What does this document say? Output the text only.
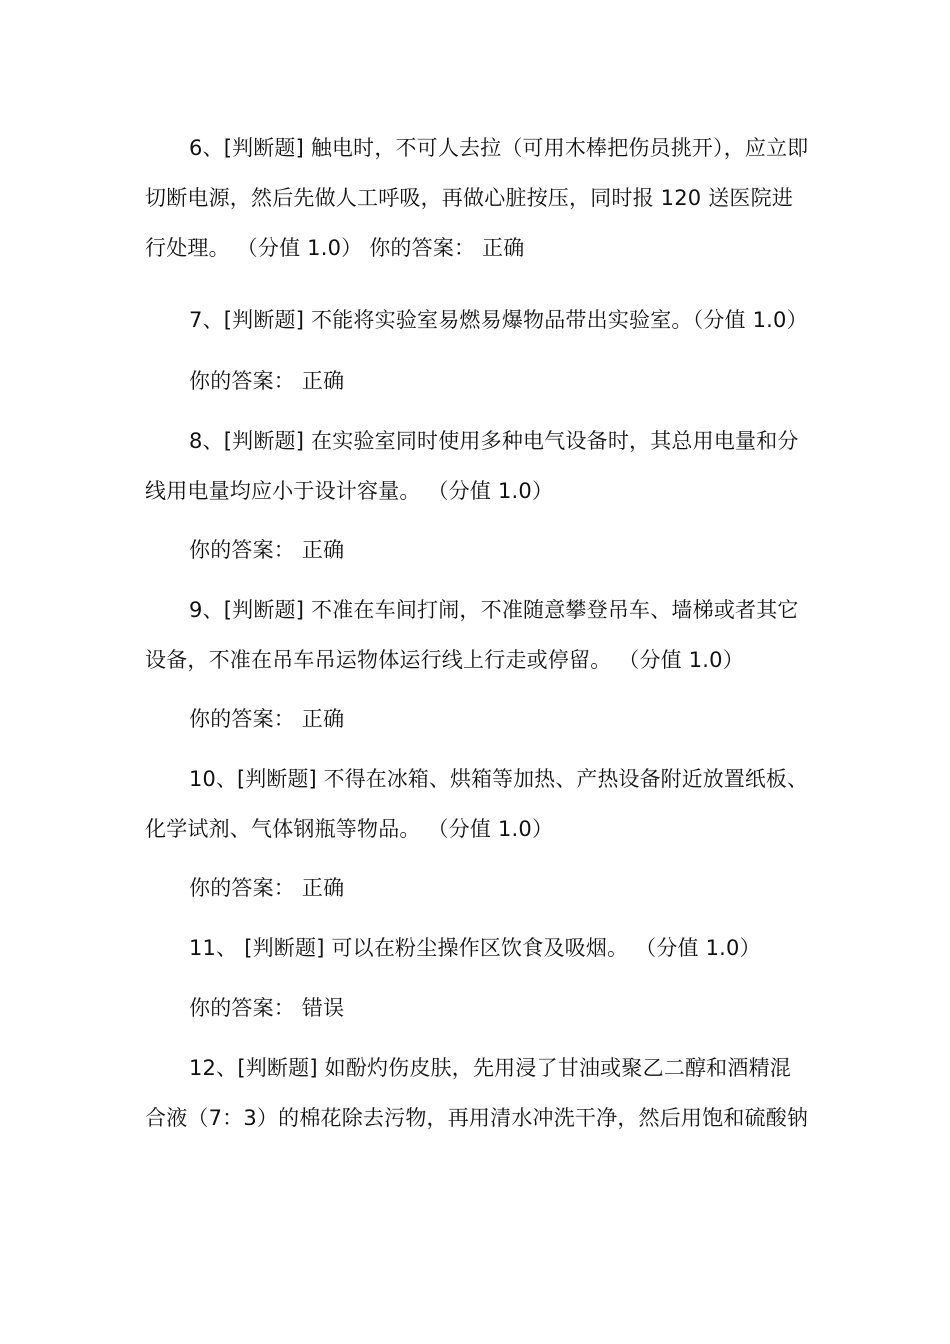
6、[判断题] 触电时，不可人去拉（可用木棒把伤员挑开），应立即
切断电源，然后先做人工呼吸，再做心脏按压，同时报 120 送医院进
行处理。 （分值 1.0） 你的答案： 正确
7、[判断题] 不能将实验室易燃易爆物品带出实验室。（分值 1.0）
你的答案： 正确
8、[判断题] 在实验室同时使用多种电气设备时，其总用电量和分
线用电量均应小于设计容量。 （分值 1.0）
你的答案： 正确
9、[判断题] 不准在车间打闹，不准随意攀登吊车、墙梯或者其它
设备，不准在吊车吊运物体运行线上行走或停留。 （分值 1.0）
你的答案： 正确
10、[判断题] 不得在冰箱、烘箱等加热、产热设备附近放置纸板、
化学试剂、气体钢瓶等物品。 （分值 1.0）
你的答案： 正确
11、 [判断题] 可以在粉尘操作区饮食及吸烟。 （分值 1.0）
你的答案： 错误
12、[判断题] 如酚灼伤皮肤，先用浸了甘油或聚乙二醇和酒精混
合液（7：3）的棉花除去污物，再用清水冲洗干净，然后用饱和硫酸钠
